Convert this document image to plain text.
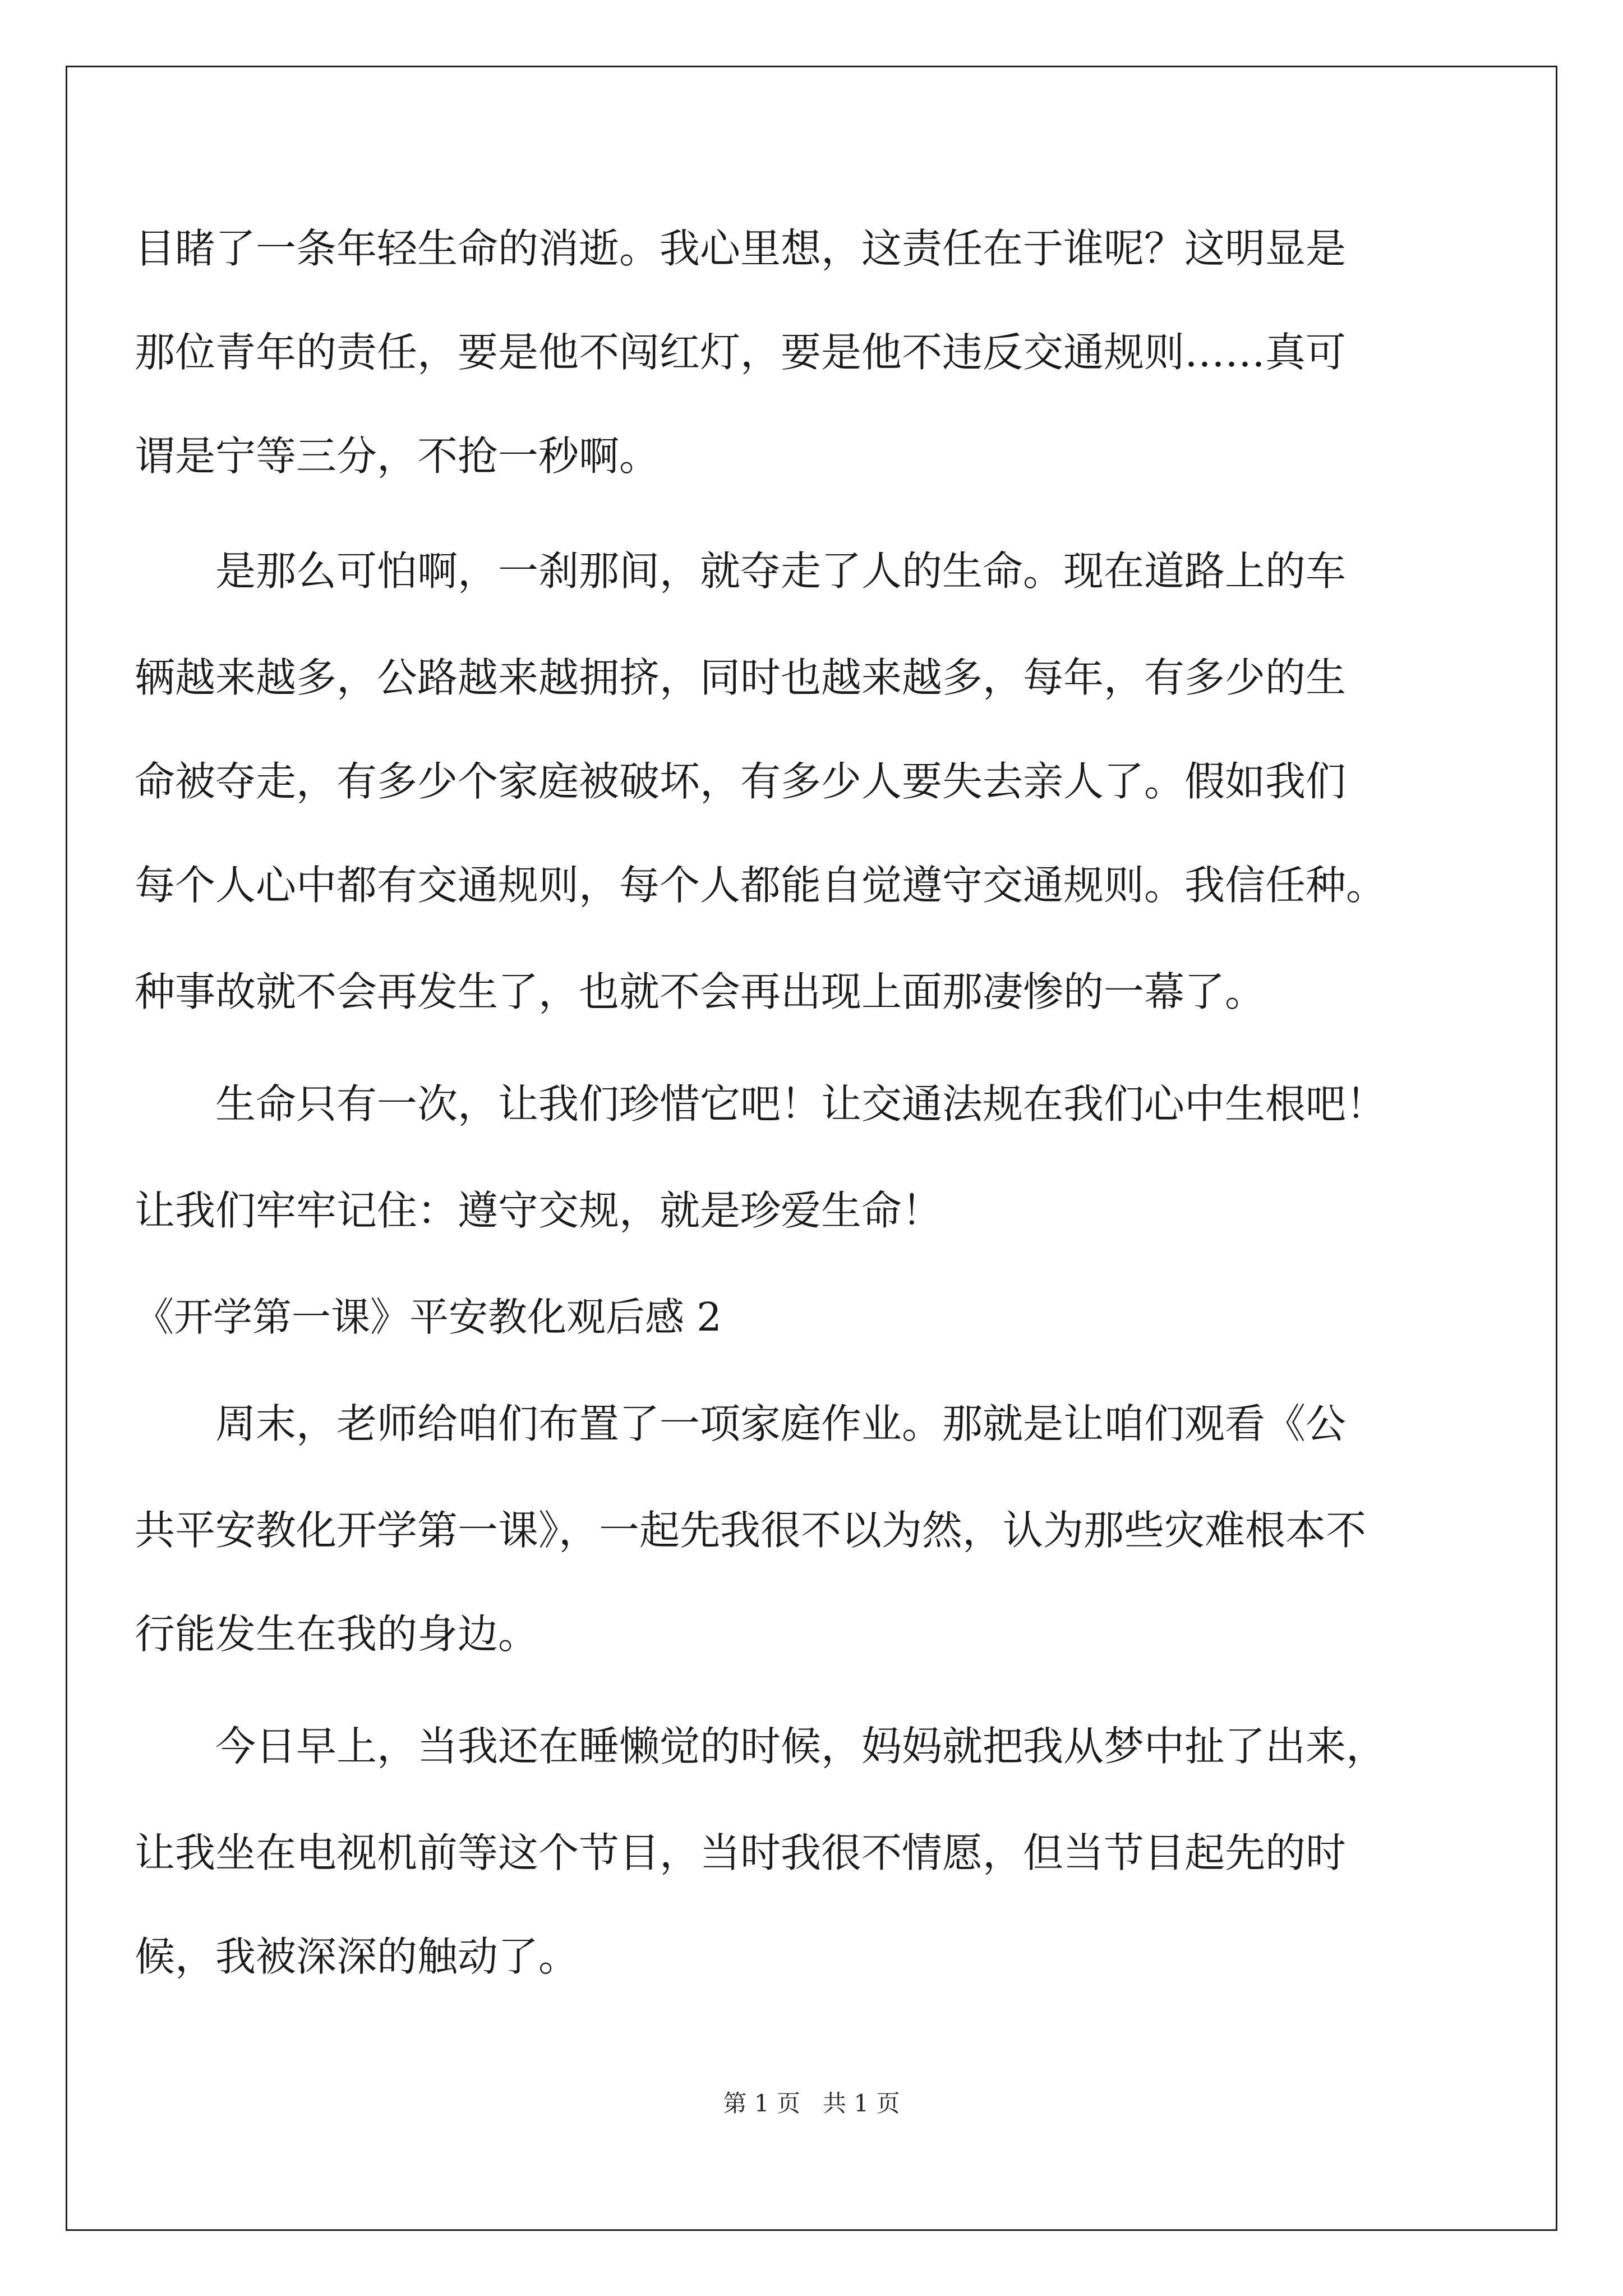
目睹了一条年轻生命的消逝。我心里想，这责任在于谁呢？这明显是
那位青年的责任，要是他不闯红灯，要是他不违反交通规则……真可
谓是宁等三分，不抢一秒啊。
是那么可怕啊，一刹那间，就夺走了人的生命。现在道路上的车
辆越来越多，公路越来越拥挤，同时也越来越多，每年，有多少的生
命被夺走，有多少个家庭被破坏，有多少人要失去亲人了。假如我们
每个人心中都有交通规则，每个人都能自觉遵守交通规则。我信任种。
种事故就不会再发生了，也就不会再出现上面那凄惨的一幕了。
生命只有一次，让我们珍惜它吧！让交通法规在我们心中生根吧！
让我们牢牢记住：遵守交规，就是珍爱生命！
《开学第一课》平安教化观后感 2
周末，老师给咱们布置了一项家庭作业。那就是让咱们观看《公
共平安教化开学第一课》，一起先我很不以为然，认为那些灾难根本不
行能发生在我的身边。
今日早上，当我还在睡懒觉的时候，妈妈就把我从梦中扯了出来，
让我坐在电视机前等这个节目，当时我很不情愿，但当节目起先的时
候，我被深深的触动了。
第 1 页   共 1 页
